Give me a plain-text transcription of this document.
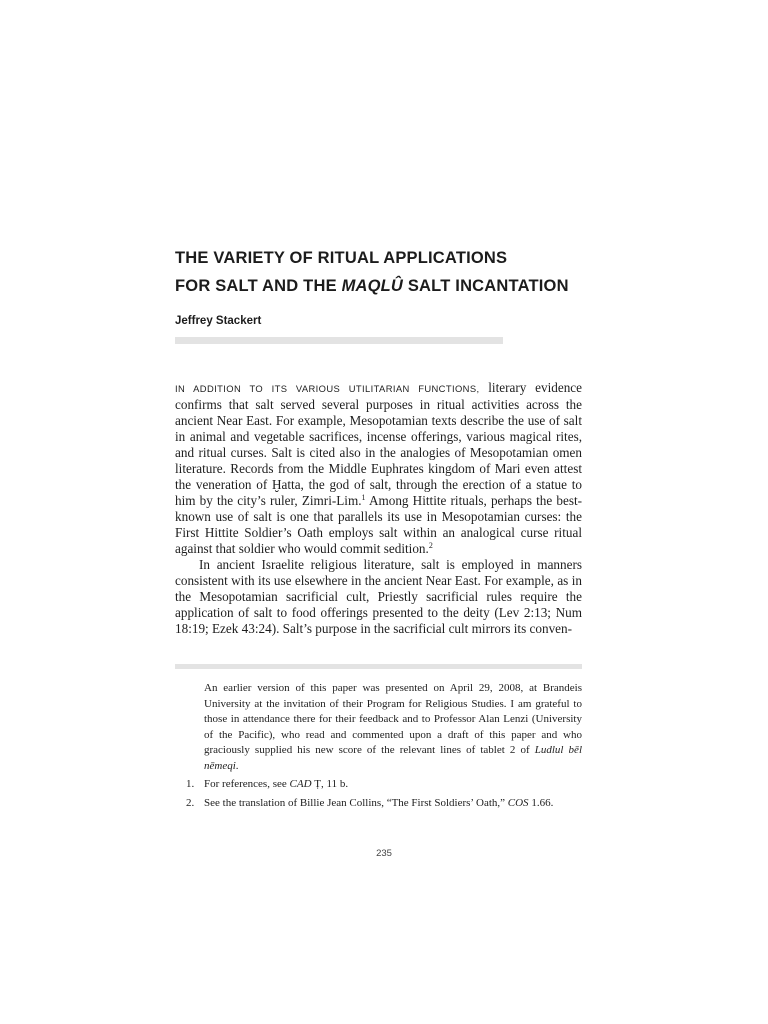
THE VARIETY OF RITUAL APPLICATIONS
FOR SALT AND THE MAQLÛ SALT INCANTATION
Jeffrey Stackert

IN ADDITION TO ITS VARIOUS UTILITARIAN FUNCTIONS, literary evidence confirms that salt served several purposes in ritual activities across the ancient Near East. For example, Mesopotamian texts describe the use of salt in animal and vegetable sacrifices, incense offerings, various magical rites, and ritual curses. Salt is cited also in the analogies of Mesopotamian omen literature. Records from the Middle Euphrates kingdom of Mari even attest the veneration of Ḫatta, the god of salt, through the erection of a statue to him by the city’s ruler, Zimri-Lim.$^1$ Among Hittite rituals, perhaps the best-known use of salt is one that parallels its use in Mesopotamian curses: the First Hittite Soldier’s Oath employs salt within an analogical curse ritual against that soldier who would commit sedition.$^2$

In ancient Israelite religious literature, salt is employed in manners consistent with its use elsewhere in the ancient Near East. For example, as in the Mesopotamian sacrificial cult, Priestly sacrificial rules require the application of salt to food offerings presented to the deity (Lev 2:13; Num 18:19; Ezek 43:24). Salt’s purpose in the sacrificial cult mirrors its conven-

An earlier version of this paper was presented on April 29, 2008, at Brandeis University at the invitation of their Program for Religious Studies. I am grateful to those in attendance there for their feedback and to Professor Alan Lenzi (University of the Pacific), who read and commented upon a draft of this paper and who graciously supplied his new score of the relevant lines of tablet 2 of Ludlul bēl nēmeqi.

1. For references, see CAD Ṭ, 11 b.
2. See the translation of Billie Jean Collins, “The First Soldiers’ Oath,” COS 1.66.
235
